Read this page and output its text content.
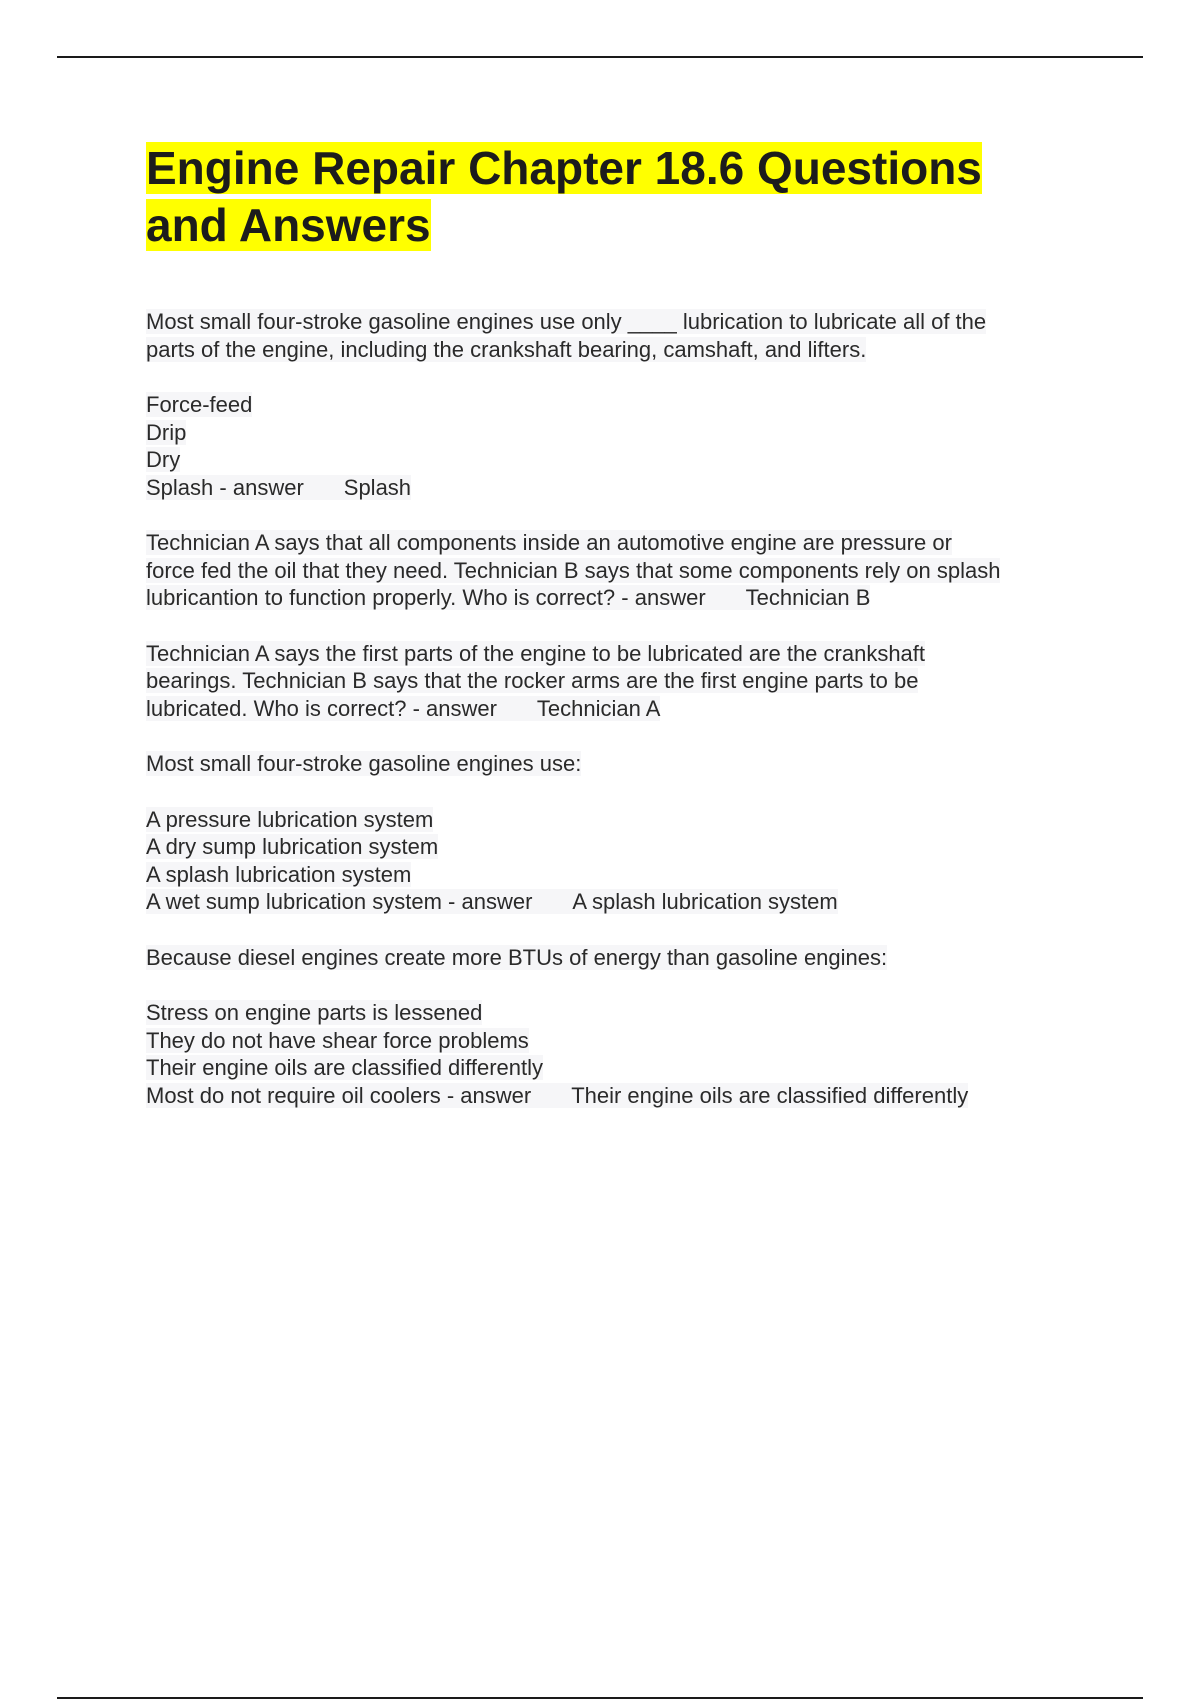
Engine Repair Chapter 18.6 Questions
and Answers
Most small four-stroke gasoline engines use only ____ lubrication to lubricate all of the
parts of the engine, including the crankshaft bearing, camshaft, and lifters.
Force-feed
Drip
Dry
Splash - answer Splash
Technician A says that all components inside an automotive engine are pressure or
force fed the oil that they need. Technician B says that some components rely on splash
lubricantion to function properly. Who is correct? - answer Technician B
Technician A says the first parts of the engine to be lubricated are the crankshaft
bearings. Technician B says that the rocker arms are the first engine parts to be
lubricated. Who is correct? - answer Technician A
Most small four-stroke gasoline engines use:
A pressure lubrication system
A dry sump lubrication system
A splash lubrication system
A wet sump lubrication system - answer A splash lubrication system
Because diesel engines create more BTUs of energy than gasoline engines:
Stress on engine parts is lessened
They do not have shear force problems
Their engine oils are classified differently
Most do not require oil coolers - answer Their engine oils are classified differently
